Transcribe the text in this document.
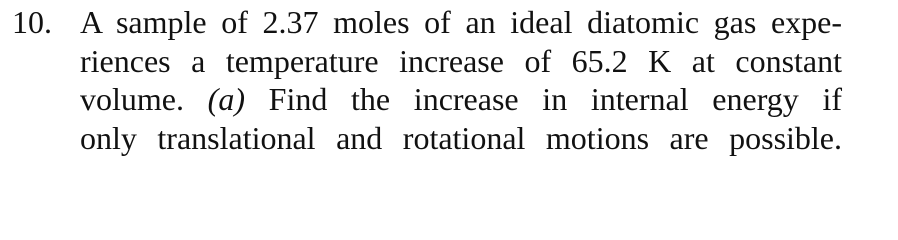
10. A sample of 2.37 moles of an ideal diatomic gas expe-
riences a temperature increase of 65.2 K at constant
volume. (a) Find the increase in internal energy if
only translational and rotational motions are possible.
